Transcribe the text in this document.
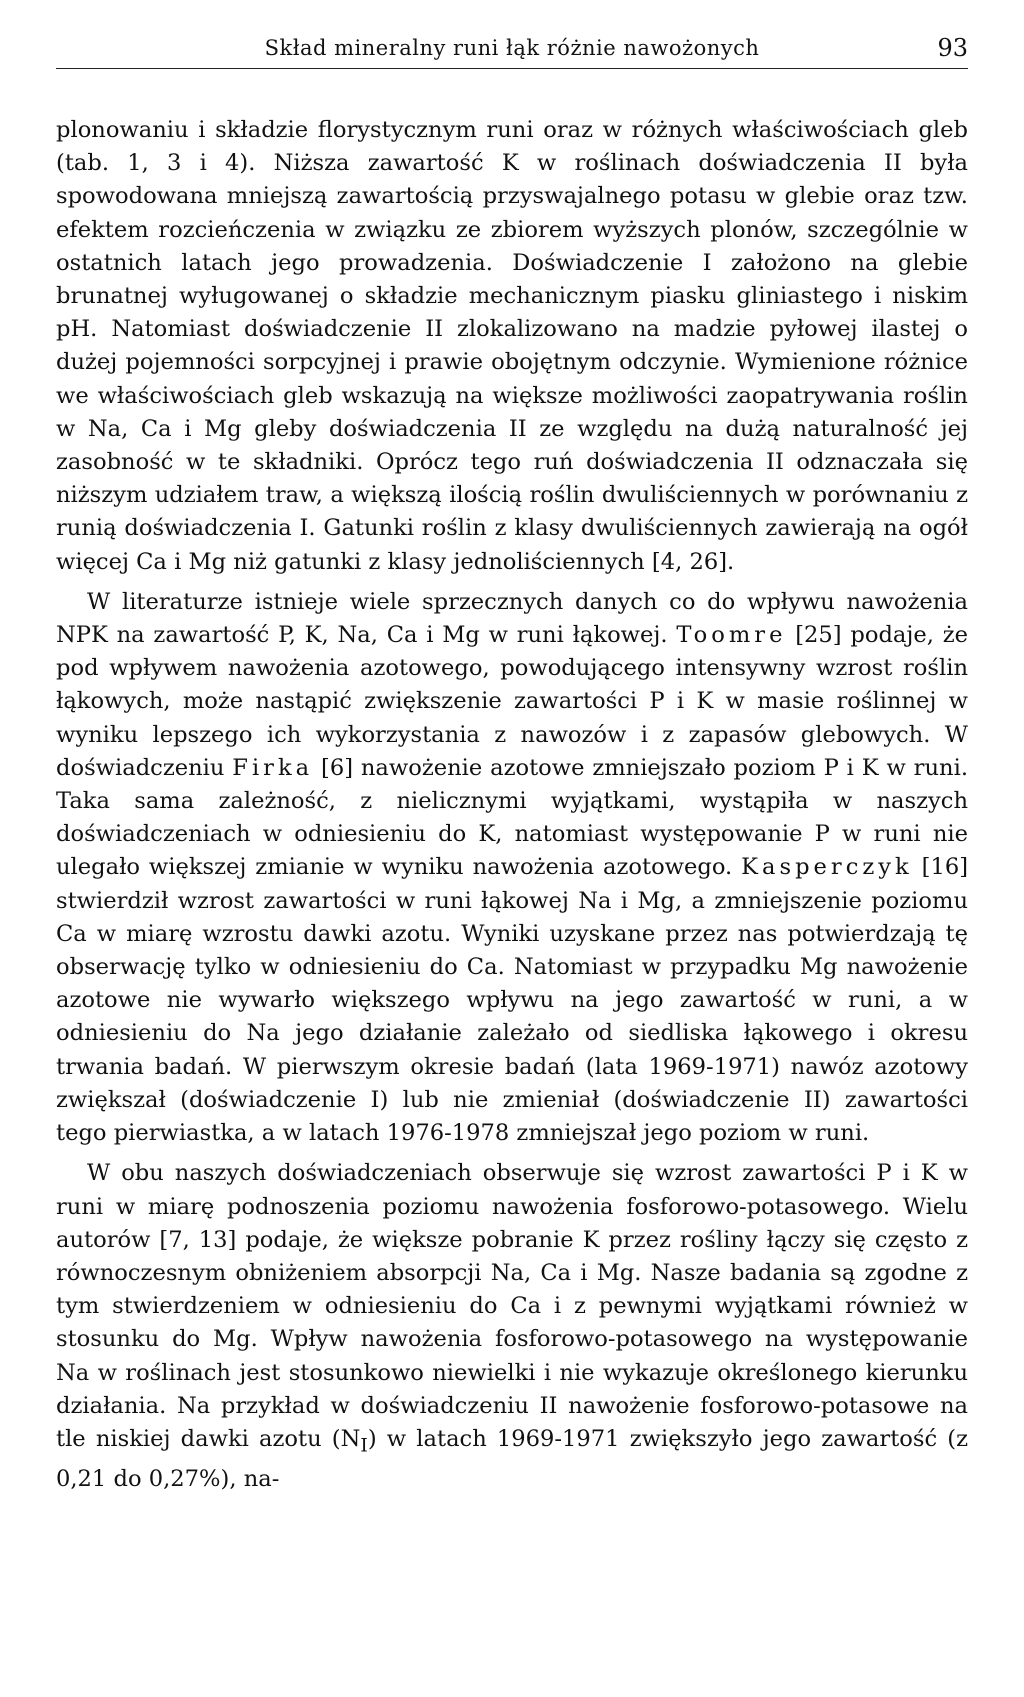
Skład mineralny runi łąk różnie nawożonych	93

plonowaniu i składzie florystycznym runi oraz w różnych właściwościach gleb (tab. 1, 3 i 4). Niższa zawartość K w roślinach doświadczenia II była spowodowana mniejszą zawartością przyswajalnego potasu w glebie oraz tzw. efektem rozcieńczenia w związku ze zbiorem wyższych plonów, szczególnie w ostatnich latach jego prowadzenia. Doświadczenie I założono na glebie brunatnej wyługowanej o składzie mechanicznym piasku gliniastego i niskim pH. Natomiast doświadczenie II zlokalizowano na madzie pyłowej ilastej o dużej pojemności sorpcyjnej i prawie obojętnym odczynie. Wymienione różnice we właściwościach gleb wskazują na większe możliwości zaopatrywania roślin w Na, Ca i Mg gleby doświadczenia II ze względu na dużą naturalność jej zasobność w te składniki. Oprócz tego ruń doświadczenia II odznaczała się niższym udziałem traw, a większą ilością roślin dwuliściennych w porównaniu z runią doświadczenia I. Gatunki roślin z klasy dwuliściennych zawierają na ogół więcej Ca i Mg niż gatunki z klasy jednoliściennych [4, 26].

W literaturze istnieje wiele sprzecznych danych co do wpływu nawożenia NPK na zawartość P, K, Na, Ca i Mg w runi łąkowej. Toomre [25] podaje, że pod wpływem nawożenia azotowego, powodującego intensywny wzrost roślin łąkowych, może nastąpić zwiększenie zawartości P i K w masie roślinnej w wyniku lepszego ich wykorzystania z nawozów i z zapasów glebowych. W doświadczeniu Firka [6] nawożenie azotowe zmniejszało poziom P i K w runi. Taka sama zależność, z nielicznymi wyjątkami, wystąpiła w naszych doświadczeniach w odniesieniu do K, natomiast występowanie P w runi nie ulegało większej zmianie w wyniku nawożenia azotowego. Kasperczyk [16] stwierdził wzrost zawartości w runi łąkowej Na i Mg, a zmniejszenie poziomu Ca w miarę wzrostu dawki azotu. Wyniki uzyskane przez nas potwierdzają tę obserwację tylko w odniesieniu do Ca. Natomiast w przypadku Mg nawożenie azotowe nie wywarło większego wpływu na jego zawartość w runi, a w odniesieniu do Na jego działanie zależało od siedliska łąkowego i okresu trwania badań. W pierwszym okresie badań (lata 1969-1971) nawóz azotowy zwiększał (doświadczenie I) lub nie zmieniał (doświadczenie II) zawartości tego pierwiastka, a w latach 1976-1978 zmniejszał jego poziom w runi.

W obu naszych doświadczeniach obserwuje się wzrost zawartości P i K w runi w miarę podnoszenia poziomu nawożenia fosforowo-potasowego. Wielu autorów [7, 13] podaje, że większe pobranie K przez rośliny łączy się często z równoczesnym obniżeniem absorpcji Na, Ca i Mg. Nasze badania są zgodne z tym stwierdzeniem w odniesieniu do Ca i z pewnymi wyjątkami również w stosunku do Mg. Wpływ nawożenia fosforowo-potasowego na występowanie Na w roślinach jest stosunkowo niewielki i nie wykazuje określonego kierunku działania. Na przykład w doświadczeniu II nawożenie fosforowo-potasowe na tle niskiej dawki azotu $(N_I)$ w latach 1969-1971 zwiększyło jego zawartość (z 0,21 do 0,27%), na-
